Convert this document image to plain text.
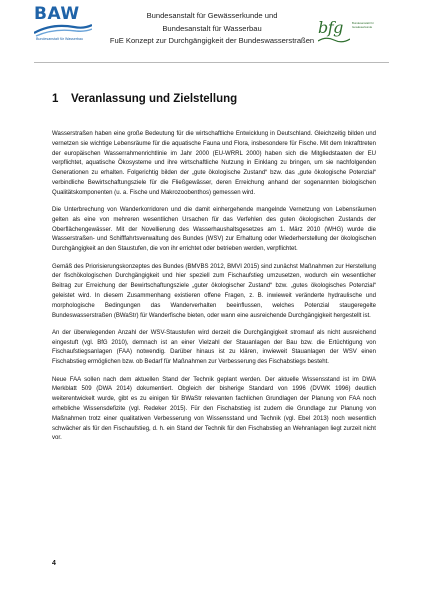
BAW
Bundesanstalt für Wasserbau
Bundesanstalt für Gewässerkunde und
Bundesanstalt für Wasserbau
FuE Konzept zur Durchgängigkeit der Bundeswasserstraßen
bfg	Bundesanstalt für
Gewässerkunde
1 Veranlassung und Zielstellung

Wasserstraßen haben eine große Bedeutung für die wirtschaftliche Entwicklung in Deutschland. Gleichzeitig bilden und vernetzen sie wichtige Lebensräume für die aquatische Fauna und Flora, insbesondere für Fische. Mit dem Inkrafttreten der europäischen Wasserrahmenrichtlinie im Jahr 2000 (EU-WRRL 2000) haben sich die Mitgliedstaaten der EU verpflichtet, aquatische Ökosysteme und ihre wirtschaftliche Nutzung in Einklang zu bringen, um sie nachfolgenden Generationen zu erhalten. Folgerichtig bilden der „gute ökologische Zustand“ bzw. das „gute ökologische Potenzial“ verbindliche Bewirtschaftungsziele für die Fließgewässer, deren Erreichung anhand der sogenannten biologischen Qualitätskomponenten (u. a. Fische und Makrozoobenthos) gemessen wird.

Die Unterbrechung von Wanderkorridoren und die damit einhergehende mangelnde Vernetzung von Lebensräumen gelten als eine von mehreren wesentlichen Ursachen für das Verfehlen des guten ökologischen Zustands der Oberflächengewässer. Mit der Novellierung des Wasserhaushaltsgesetzes am 1. März 2010 (WHG) wurde die Wasserstraßen- und Schifffahrtsverwaltung des Bundes (WSV) zur Erhaltung oder Wiederherstellung der ökologischen Durchgängigkeit an den Staustufen, die von ihr errichtet oder betrieben werden, verpflichtet.

Gemäß des Priorisierungskonzeptes des Bundes (BMVBS 2012, BMVI 2015) sind zunächst Maßnahmen zur Herstellung der fischökologischen Durchgängigkeit und hier speziell zum Fischaufstieg umzusetzen, wodurch ein wesentlicher Beitrag zur Erreichung der Bewirtschaftungsziele „guter ökologischer Zustand“ bzw. „gutes ökologisches Potenzial“ geleistet wird. In diesem Zusammenhang existieren offene Fragen, z. B. inwieweit veränderte hydraulische und morphologische Bedingungen das Wanderverhalten beeinflussen, welches Potenzial staugeregelte Bundeswasserstraßen (BWaStr) für Wanderfische bieten, oder wann eine ausreichende Durchgängigkeit hergestellt ist.

An der überwiegenden Anzahl der WSV-Staustufen wird derzeit die Durchgängigkeit stromauf als nicht ausreichend eingestuft (vgl. BfG 2010), demnach ist an einer Vielzahl der Stauanlagen der Bau bzw. die Ertüchtigung von Fischaufstiegsanlagen (FAA) notwendig. Darüber hinaus ist zu klären, inwieweit Stauanlagen der WSV einen Fischabstieg ermöglichen bzw. ob Bedarf für Maßnahmen zur Verbesserung des Fischabstiegs besteht.

Neue FAA sollen nach dem aktuellen Stand der Technik geplant werden. Der aktuelle Wissensstand ist im DWA Merkblatt 509 (DWA 2014) dokumentiert. Obgleich der bisherige Standard von 1996 (DVWK 1996) deutlich weiterentwickelt wurde, gibt es zu einigen für BWaStr relevanten fachlichen Grundlagen der Planung von FAA noch erhebliche Wissensdefizite (vgl. Redeker 2015). Für den Fischabstieg ist zudem die Grundlage zur Planung von Maßnahmen trotz einer qualitativen Verbesserung von Wissensstand und Technik (vgl. Ebel 2013) noch wesentlich schwächer als für den Fischaufstieg, d. h. ein Stand der Technik für den Fischabstieg an Wehranlagen liegt zurzeit nicht vor.

4
